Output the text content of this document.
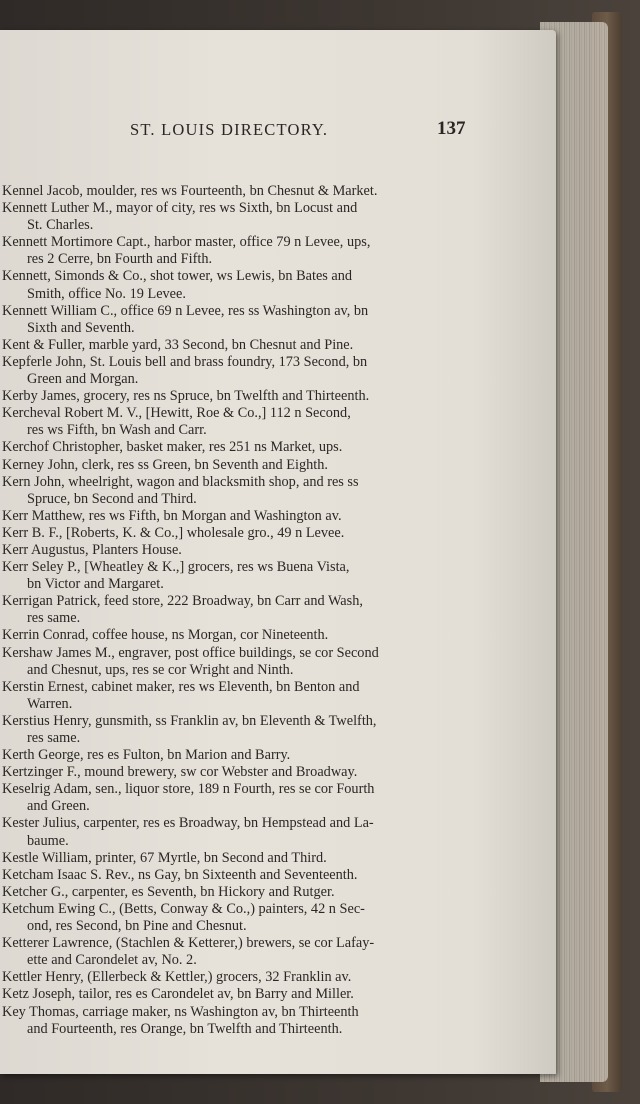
ST. LOUIS DIRECTORY.	137
Kennel Jacob, moulder, res ws Fourteenth, bn Chesnut & Market.
Kennett Luther M., mayor of city, res ws Sixth, bn Locust and
St. Charles.
Kennett Mortimore Capt., harbor master, office 79 n Levee, ups,
res 2 Cerre, bn Fourth and Fifth.
Kennett, Simonds & Co., shot tower, ws Lewis, bn Bates and
Smith, office No. 19 Levee.
Kennett William C., office 69 n Levee, res ss Washington av, bn
Sixth and Seventh.
Kent & Fuller, marble yard, 33 Second, bn Chesnut and Pine.
Kepferle John, St. Louis bell and brass foundry, 173 Second, bn
Green and Morgan.
Kerby James, grocery, res ns Spruce, bn Twelfth and Thirteenth.
Kercheval Robert M. V., [Hewitt, Roe & Co.,] 112 n Second,
res ws Fifth, bn Wash and Carr.
Kerchof Christopher, basket maker, res 251 ns Market, ups.
Kerney John, clerk, res ss Green, bn Seventh and Eighth.
Kern John, wheelright, wagon and blacksmith shop, and res ss
Spruce, bn Second and Third.
Kerr Matthew, res ws Fifth, bn Morgan and Washington av.
Kerr B. F., [Roberts, K. & Co.,] wholesale gro., 49 n Levee.
Kerr Augustus, Planters House.
Kerr Seley P., [Wheatley & K.,] grocers, res ws Buena Vista,
bn Victor and Margaret.
Kerrigan Patrick, feed store, 222 Broadway, bn Carr and Wash,
res same.
Kerrin Conrad, coffee house, ns Morgan, cor Nineteenth.
Kershaw James M., engraver, post office buildings, se cor Second
and Chesnut, ups, res se cor Wright and Ninth.
Kerstin Ernest, cabinet maker, res ws Eleventh, bn Benton and
Warren.
Kerstius Henry, gunsmith, ss Franklin av, bn Eleventh & Twelfth,
res same.
Kerth George, res es Fulton, bn Marion and Barry.
Kertzinger F., mound brewery, sw cor Webster and Broadway.
Keselrig Adam, sen., liquor store, 189 n Fourth, res se cor Fourth
and Green.
Kester Julius, carpenter, res es Broadway, bn Hempstead and La-
baume.
Kestle William, printer, 67 Myrtle, bn Second and Third.
Ketcham Isaac S. Rev., ns Gay, bn Sixteenth and Seventeenth.
Ketcher G., carpenter, es Seventh, bn Hickory and Rutger.
Ketchum Ewing C., (Betts, Conway & Co.,) painters, 42 n Sec-
ond, res Second, bn Pine and Chesnut.
Ketterer Lawrence, (Stachlen & Ketterer,) brewers, se cor Lafay-
ette and Carondelet av, No. 2.
Kettler Henry, (Ellerbeck & Kettler,) grocers, 32 Franklin av.
Ketz Joseph, tailor, res es Carondelet av, bn Barry and Miller.
Key Thomas, carriage maker, ns Washington av, bn Thirteenth
and Fourteenth, res Orange, bn Twelfth and Thirteenth.
